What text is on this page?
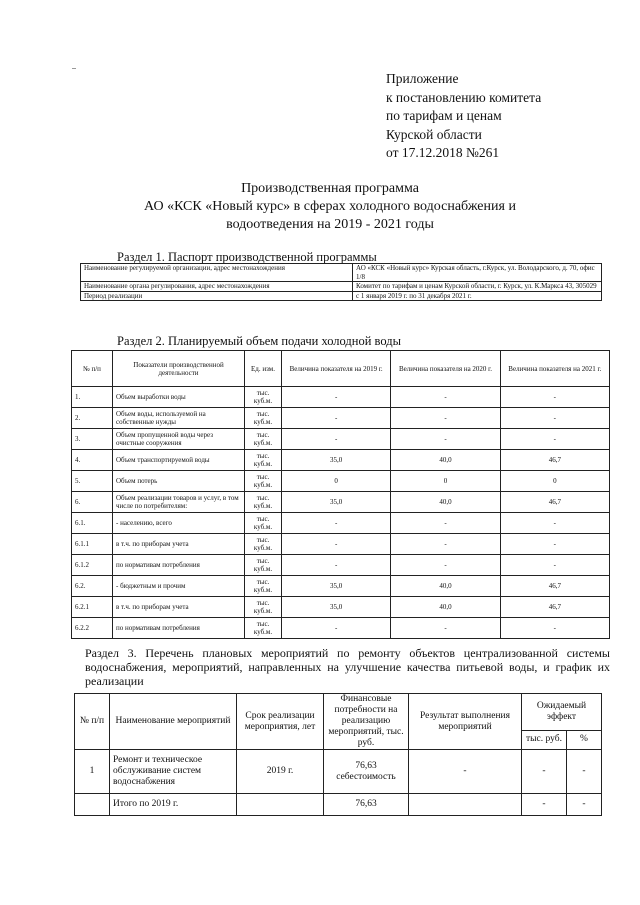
Приложение
к постановлению комитета
по тарифам и ценам
Курской области
от 17.12.2018 №261
Производственная программа
АО «КСК «Новый курс» в сферах холодного водоснабжения и
водоотведения на 2019 - 2021 годы
Раздел 1. Паспорт производственной программы
Наименование регулируемой организации, адрес местонахождения	АО «КСК «Новый курс» Курская область, г.Курск, ул. Володарского, д. 70, офис 1/8
Наименование органа регулирования, адрес местонахождения	Комитет по тарифам и ценам Курской области, г. Курск, ул. К.Маркса 43, 305029
Период реализации	с 1 января 2019 г. по 31 декабря 2021 г.
Раздел 2. Планируемый объем подачи холодной воды
№ п/п	Показатели производственной деятельности	Ед. изм.	Величина показателя на 2019 г.	Величина показателя на 2020 г.	Величина показателя на 2021 г.
1.	Объем выработки воды	тыс. куб.м.	-	-	-
2.	Объем воды, используемой на собственные нужды	тыс. куб.м.	-	-	-
3.	Объем пропущенной воды через очистные сооружения	тыс. куб.м.	-	-	-
4.	Объем транспортируемой воды	тыс. куб.м.	35,0	40,0	46,7
5.	Объем потерь	тыс. куб.м.	0	0	0
6.	Объем реализации товаров и услуг, в том числе по потребителям:	тыс. куб.м.	35,0	40,0	46,7
6.1.	- населению, всего	тыс. куб.м.	-	-	-
6.1.1	в т.ч. по приборам учета	тыс. куб.м.	-	-	-
6.1.2	по нормативам потребления	тыс. куб.м.	-	-	-
6.2.	- бюджетным и прочим	тыс. куб.м.	35,0	40,0	46,7
6.2.1	в т.ч. по приборам учета	тыс. куб.м.	35,0	40,0	46,7
6.2.2	по нормативам потребления	тыс. куб.м.	-	-	-
Раздел 3. Перечень плановых мероприятий по ремонту объектов централизованной системы водоснабжения, мероприятий, направленных на улучшение качества питьевой воды, и график их реализации
№ п/п	Наименование мероприятий	Срок реализации мероприятия, лет	Финансовые потребности на реализацию мероприятий, тыс. руб.	Результат выполнения мероприятий	Ожидаемый эффект	
					тыс. руб.	%
1	Ремонт и техническое обслуживание систем водоснабжения	2019 г.	76,63 себестоимость	-	-	-
	Итого по 2019 г.		76,63		-	-
